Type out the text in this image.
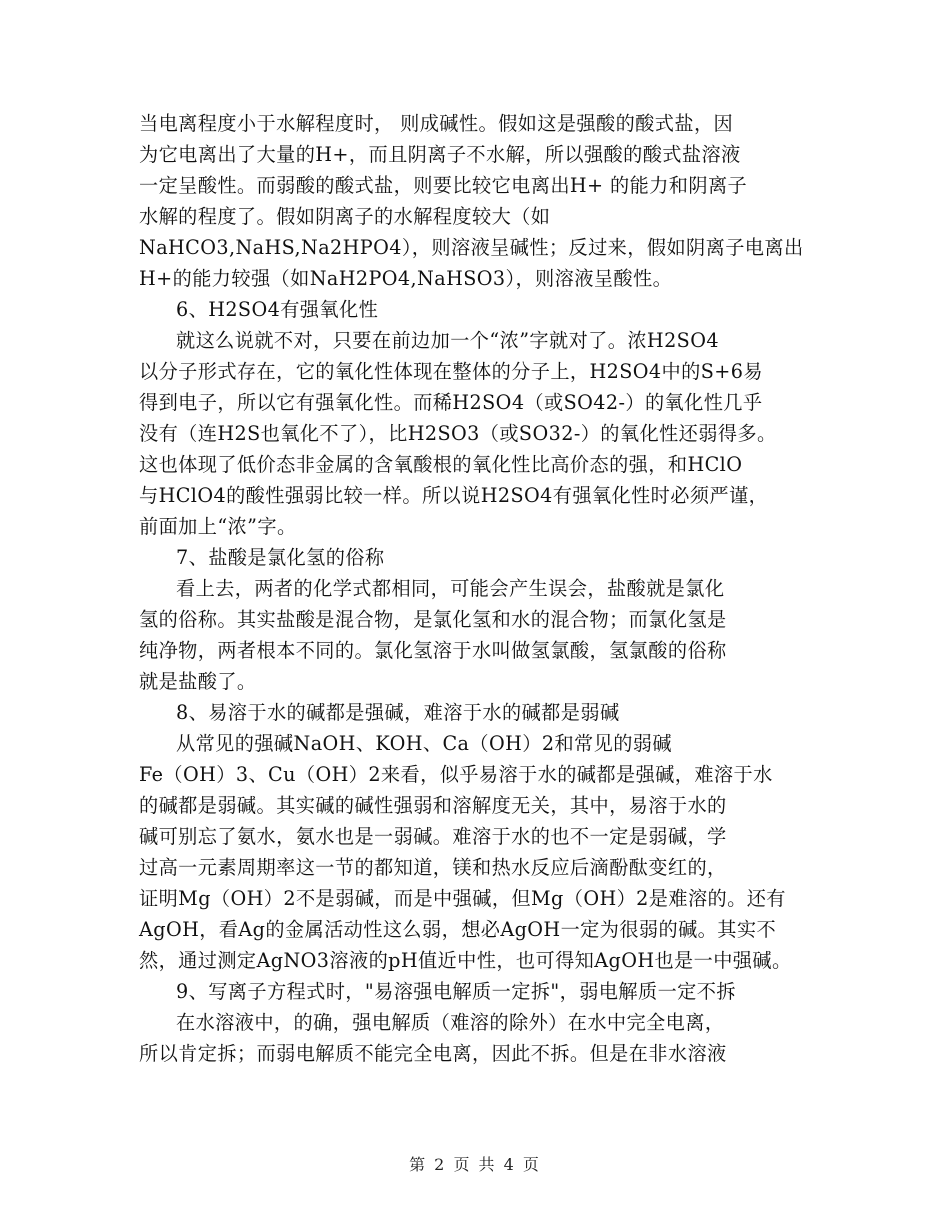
当电离程度小于水解程度时， 则成碱性。假如这是强酸的酸式盐，因
为它电离出了大量的H+，而且阴离子不水解，所以强酸的酸式盐溶液
一定呈酸性。而弱酸的酸式盐，则要比较它电离出H+ 的能力和阴离子
水解的程度了。假如阴离子的水解程度较大（如
NaHCO3,NaHS,Na2HPO4），则溶液呈碱性；反过来，假如阴离子电离出
H+的能力较强（如NaH2PO4,NaHSO3），则溶液呈酸性。
6、H2SO4有强氧化性
就这么说就不对，只要在前边加一个“浓”字就对了。浓H2SO4
以分子形式存在，它的氧化性体现在整体的分子上，H2SO4中的S+6易
得到电子，所以它有强氧化性。而稀H2SO4（或SO42-）的氧化性几乎
没有（连H2S也氧化不了），比H2SO3（或SO32-）的氧化性还弱得多。
这也体现了低价态非金属的含氧酸根的氧化性比高价态的强，和HClO
与HClO4的酸性强弱比较一样。所以说H2SO4有强氧化性时必须严谨，
前面加上“浓”字。
7、盐酸是氯化氢的俗称
看上去，两者的化学式都相同，可能会产生误会，盐酸就是氯化
氢的俗称。其实盐酸是混合物，是氯化氢和水的混合物；而氯化氢是
纯净物，两者根本不同的。氯化氢溶于水叫做氢氯酸，氢氯酸的俗称
就是盐酸了。
8、易溶于水的碱都是强碱，难溶于水的碱都是弱碱
从常见的强碱NaOH、KOH、Ca（OH）2和常见的弱碱
Fe（OH）3、Cu（OH）2来看，似乎易溶于水的碱都是强碱，难溶于水
的碱都是弱碱。其实碱的碱性强弱和溶解度无关，其中，易溶于水的
碱可别忘了氨水，氨水也是一弱碱。难溶于水的也不一定是弱碱，学
过高一元素周期率这一节的都知道，镁和热水反应后滴酚酞变红的，
证明Mg（OH）2不是弱碱，而是中强碱，但Mg（OH）2是难溶的。还有
AgOH，看Ag的金属活动性这么弱，想必AgOH一定为很弱的碱。其实不
然，通过测定AgNO3溶液的pH值近中性，也可得知AgOH也是一中强碱。
9、写离子方程式时，"易溶强电解质一定拆"，弱电解质一定不拆
在水溶液中，的确，强电解质（难溶的除外）在水中完全电离，
所以肯定拆；而弱电解质不能完全电离，因此不拆。但是在非水溶液
第 2 页 共 4 页
